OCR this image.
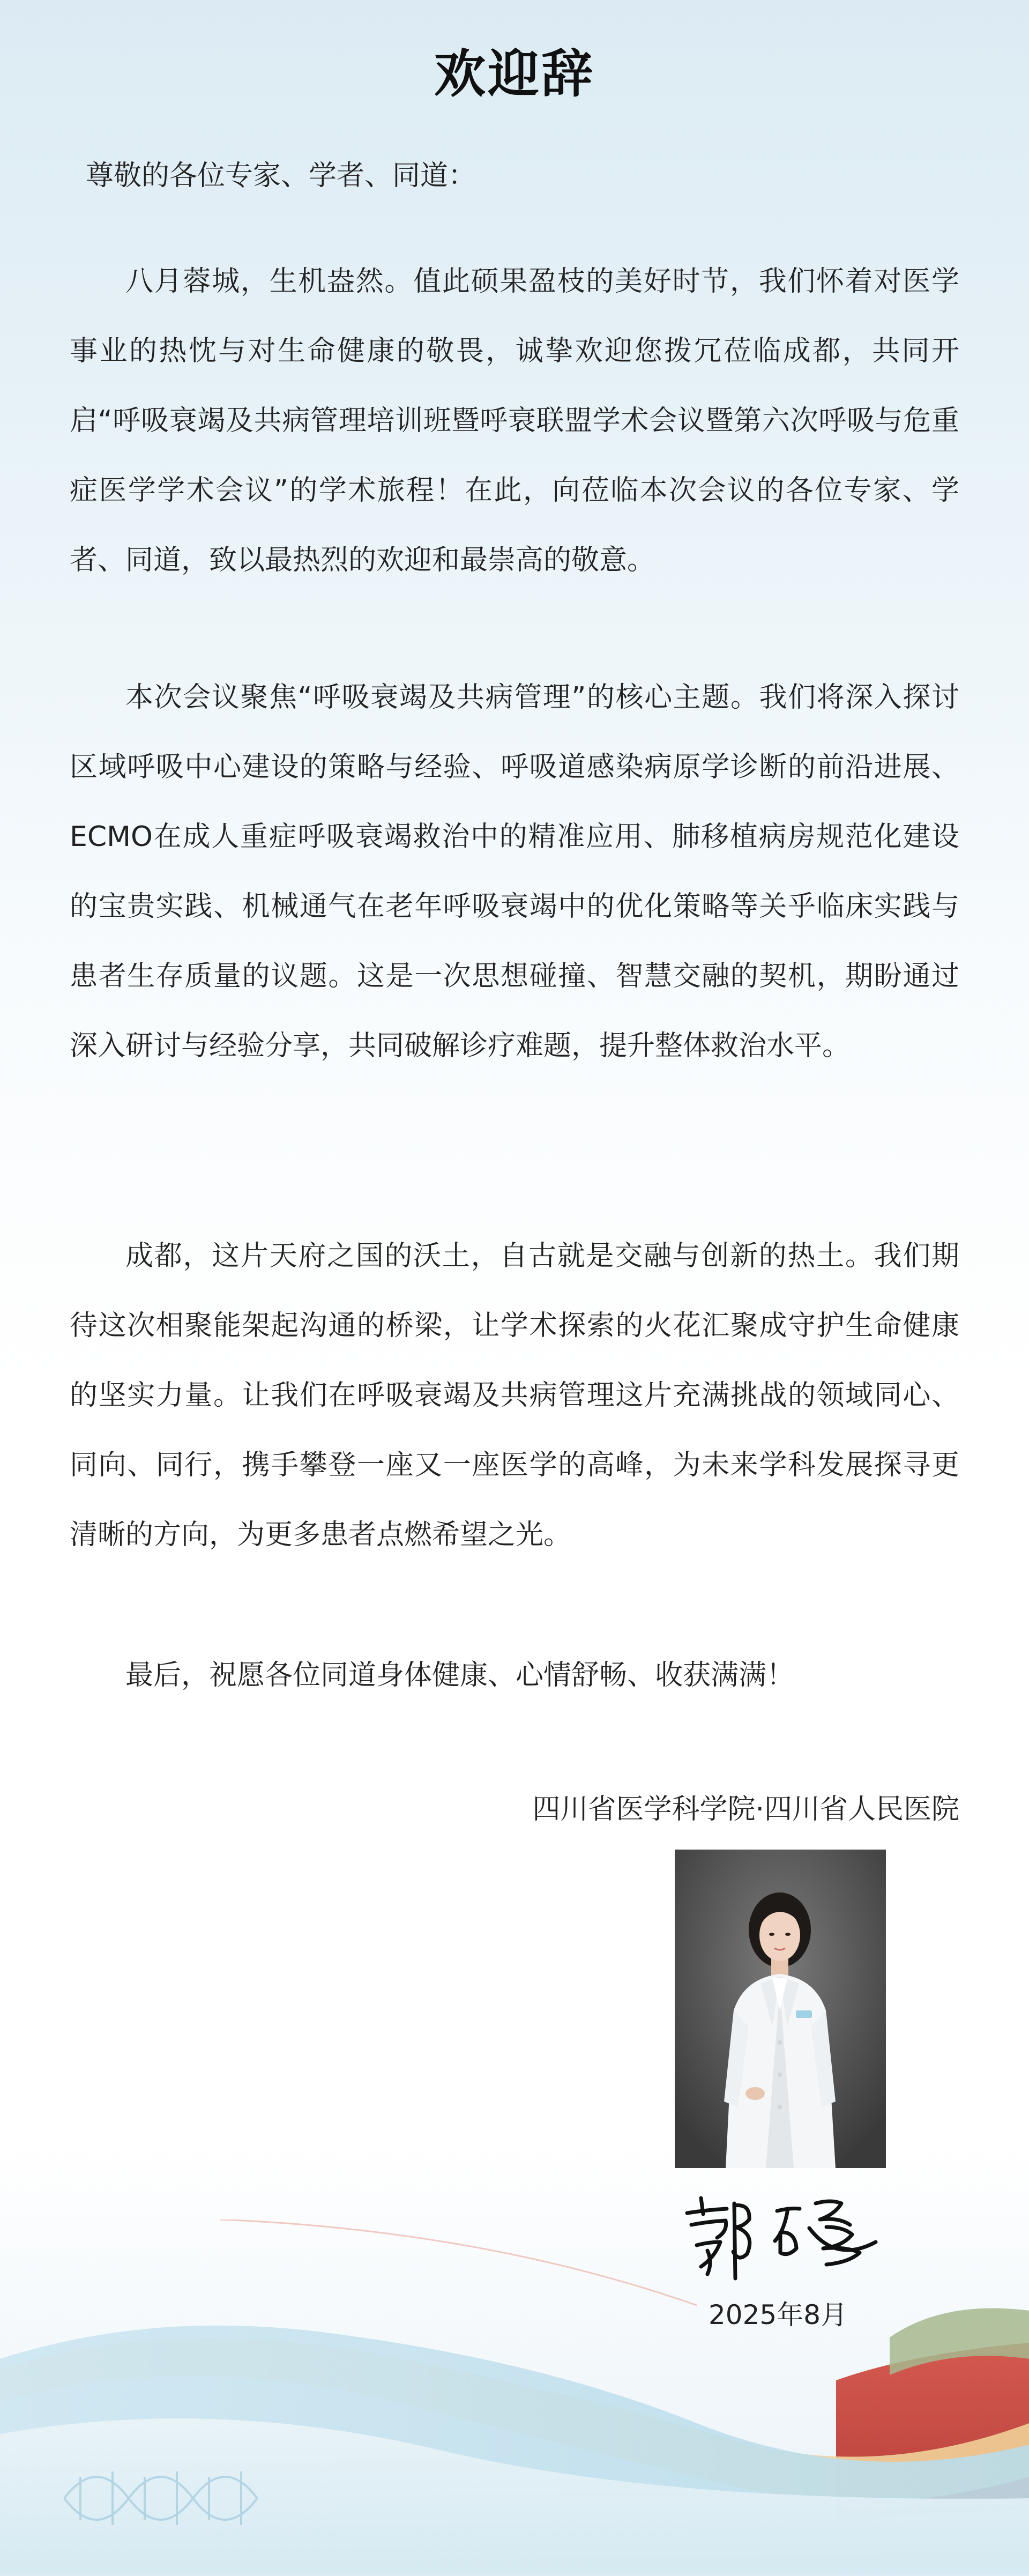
欢迎辞
尊敬的各位专家、学者、同道：
八月蓉城，生机盎然。值此硕果盈枝的美好时节，我们怀着对医学事业的热忱与对生命健康的敬畏，诚挚欢迎您拨冗莅临成都，共同开启“呼吸衰竭及共病管理培训班暨呼衰联盟学术会议暨第六次呼吸与危重症医学学术会议”的学术旅程！在此，向莅临本次会议的各位专家、学者、同道，致以最热烈的欢迎和最崇高的敬意。
本次会议聚焦“呼吸衰竭及共病管理”的核心主题。我们将深入探讨区域呼吸中心建设的策略与经验、呼吸道感染病原学诊断的前沿进展、ECMO在成人重症呼吸衰竭救治中的精准应用、肺移植病房规范化建设的宝贵实践、机械通气在老年呼吸衰竭中的优化策略等关乎临床实践与患者生存质量的议题。这是一次思想碰撞、智慧交融的契机，期盼通过深入研讨与经验分享，共同破解诊疗难题，提升整体救治水平。
成都，这片天府之国的沃土，自古就是交融与创新的热土。我们期待这次相聚能架起沟通的桥梁，让学术探索的火花汇聚成守护生命健康的坚实力量。让我们在呼吸衰竭及共病管理这片充满挑战的领域同心、同向、同行，携手攀登一座又一座医学的高峰，为未来学科发展探寻更清晰的方向，为更多患者点燃希望之光。
最后，祝愿各位同道身体健康、心情舒畅、收获满满！
四川省医学科学院·四川省人民医院
2025年8月
